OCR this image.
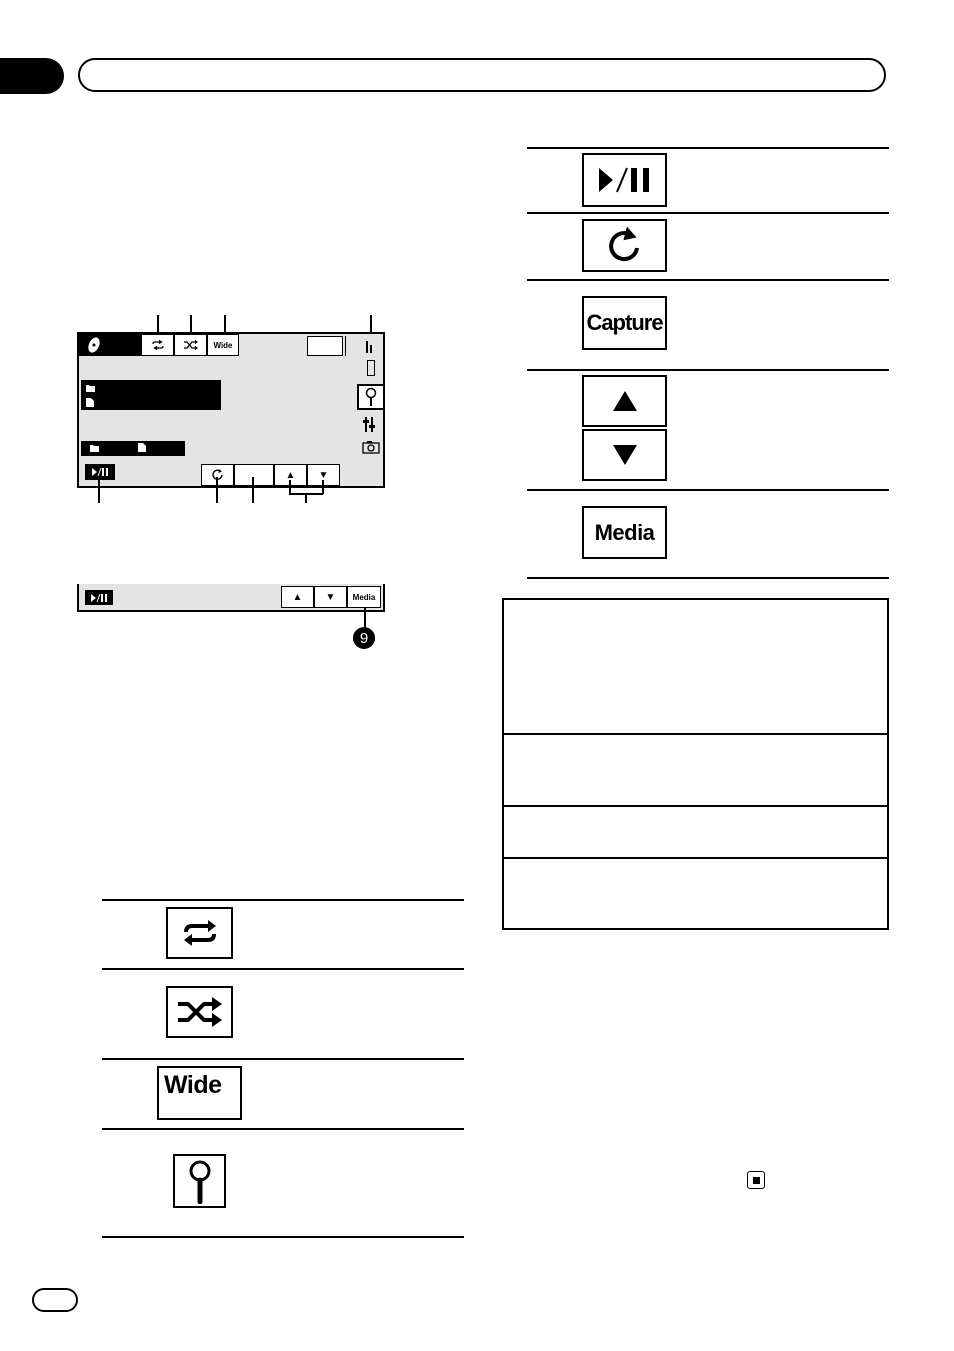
Wide
▲ ▼
▲ ▼ Media
9
Wide
Capture
Media
